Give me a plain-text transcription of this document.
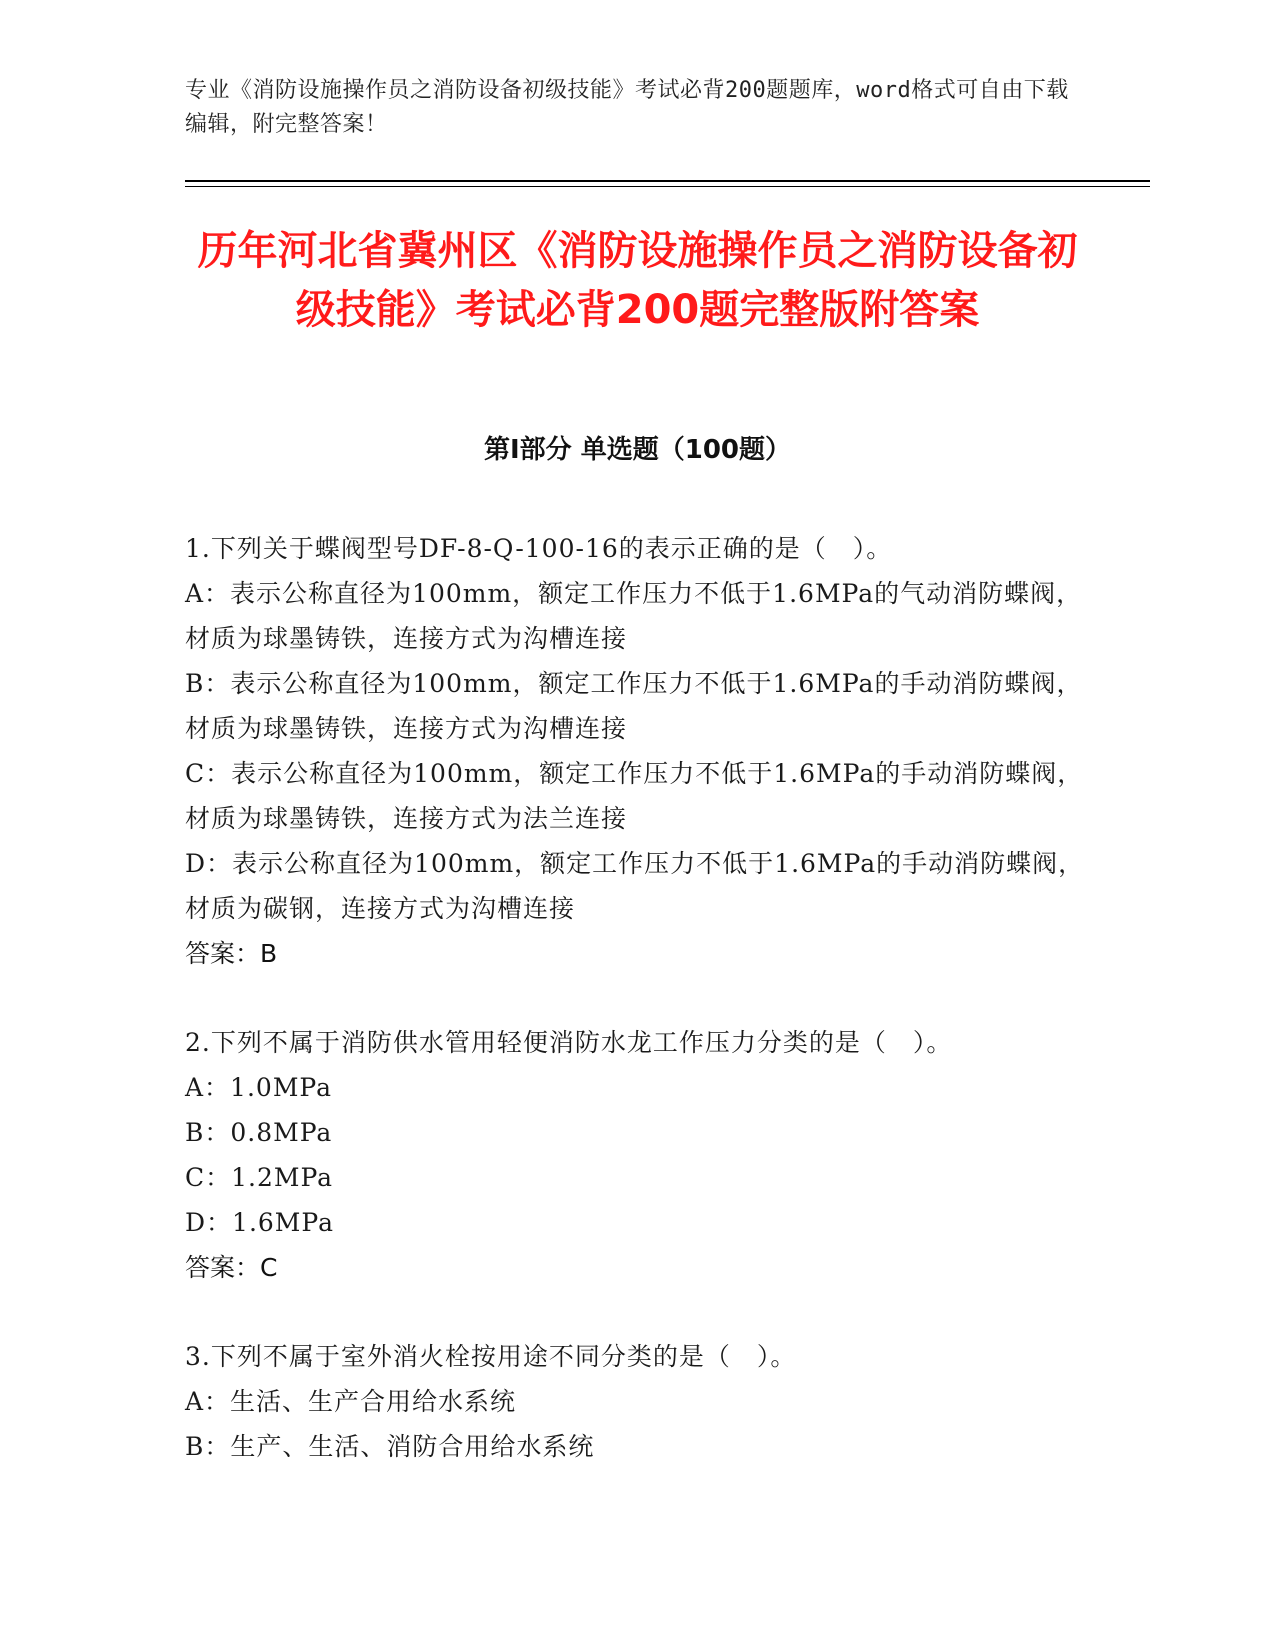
专业《消防设施操作员之消防设备初级技能》考试必背200题题库，word格式可自由下载编辑，附完整答案！
历年河北省冀州区《消防设施操作员之消防设备初级技能》考试必背200题完整版附答案
第I部分 单选题（100题）

1.下列关于蝶阀型号DF-8-Q-100-16的表示正确的是（　）。

A：表示公称直径为100mm，额定工作压力不低于1.6MPa的气动消防蝶阀，材质为球墨铸铁，连接方式为沟槽连接

B：表示公称直径为100mm，额定工作压力不低于1.6MPa的手动消防蝶阀，材质为球墨铸铁，连接方式为沟槽连接

C：表示公称直径为100mm，额定工作压力不低于1.6MPa的手动消防蝶阀，材质为球墨铸铁，连接方式为法兰连接

D：表示公称直径为100mm，额定工作压力不低于1.6MPa的手动消防蝶阀，材质为碳钢，连接方式为沟槽连接

答案：B

2.下列不属于消防供水管用轻便消防水龙工作压力分类的是（　）。

A：1.0MPa

B：0.8MPa

C：1.2MPa

D：1.6MPa

答案：C

3.下列不属于室外消火栓按用途不同分类的是（　）。

A：生活、生产合用给水系统

B：生产、生活、消防合用给水系统
